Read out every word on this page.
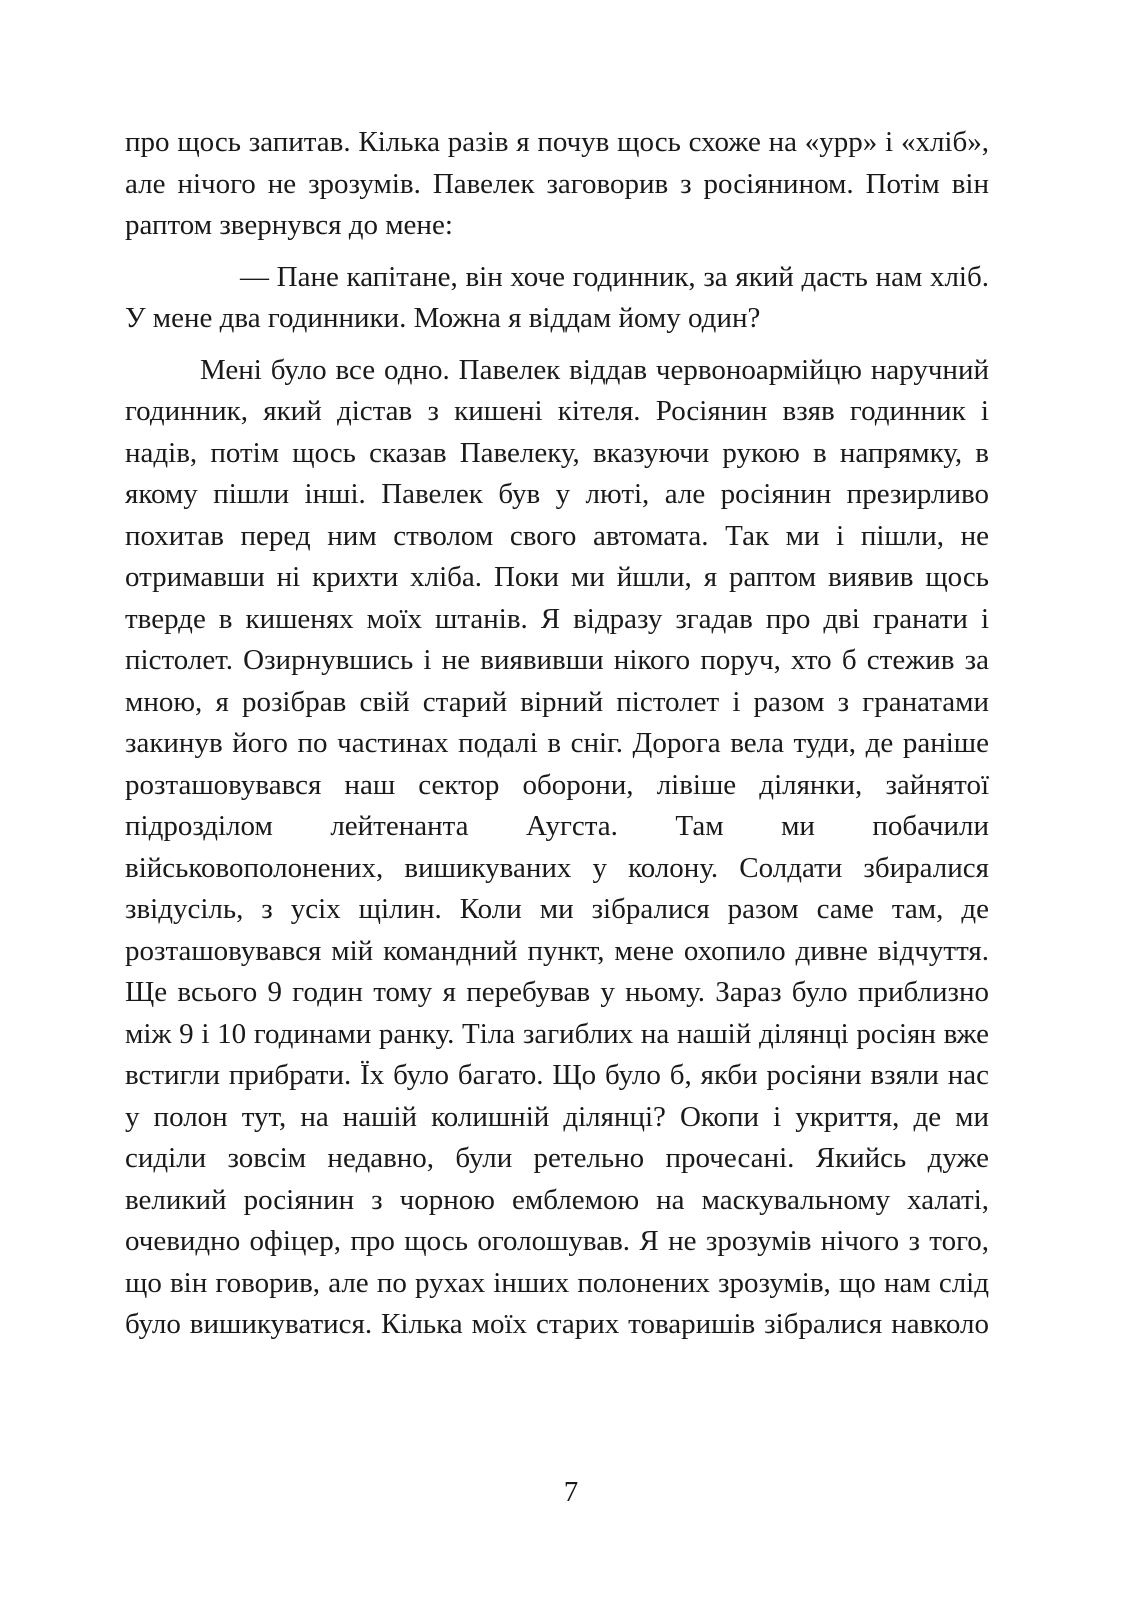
про щось запитав. Кілька разів я почув щось схоже на «урр» і «хліб», але нічого не зрозумів. Павелек заговорив з росіянином. Потім він раптом звернувся до мене:

— Пане капітане, він хоче годинник, за який дасть нам хліб. У мене два годинники. Можна я віддам йому один?

Мені було все одно. Павелек віддав червоноармійцю наручний годинник, який дістав з кишені кітеля. Росіянин взяв годинник і надів, потім щось сказав Павелеку, вказуючи рукою в напрямку, в якому пішли інші. Павелек був у люті, але росіянин презирливо похитав перед ним стволом свого автомата. Так ми і пішли, не отримавши ні крихти хліба. Поки ми йшли, я раптом виявив щось тверде в кишенях моїх штанів. Я відразу згадав про дві гранати і пістолет. Озирнувшись і не виявивши нікого поруч, хто б стежив за мною, я розібрав свій старий вірний пістолет і разом з гранатами закинув його по частинах подалі в сніг. Дорога вела туди, де раніше розташовувався наш сектор оборони, лівіше ділянки, зайнятої підрозділом лейтенанта Аугста. Там ми побачили військовополонених, вишикуваних у колону. Солдати збиралися звідусіль, з усіх щілин. Коли ми зібралися разом саме там, де розташовувався мій командний пункт, мене охопило дивне відчуття. Ще всього 9 годин тому я перебував у ньому. Зараз було приблизно між 9 і 10 годинами ранку. Тіла загиблих на нашій ділянці росіян вже встигли прибрати. Їх було багато. Що було б, якби росіяни взяли нас у полон тут, на нашій колишній ділянці? Окопи і укриття, де ми сиділи зовсім недавно, були ретельно прочесані. Якийсь дуже великий росіянин з чорною емблемою на маскувальному халаті, очевидно офіцер, про щось оголошував. Я не зрозумів нічого з того, що він говорив, але по рухах інших полонених зрозумів, що нам слід було вишикуватися. Кілька моїх старих товаришів зібралися навколо

7
